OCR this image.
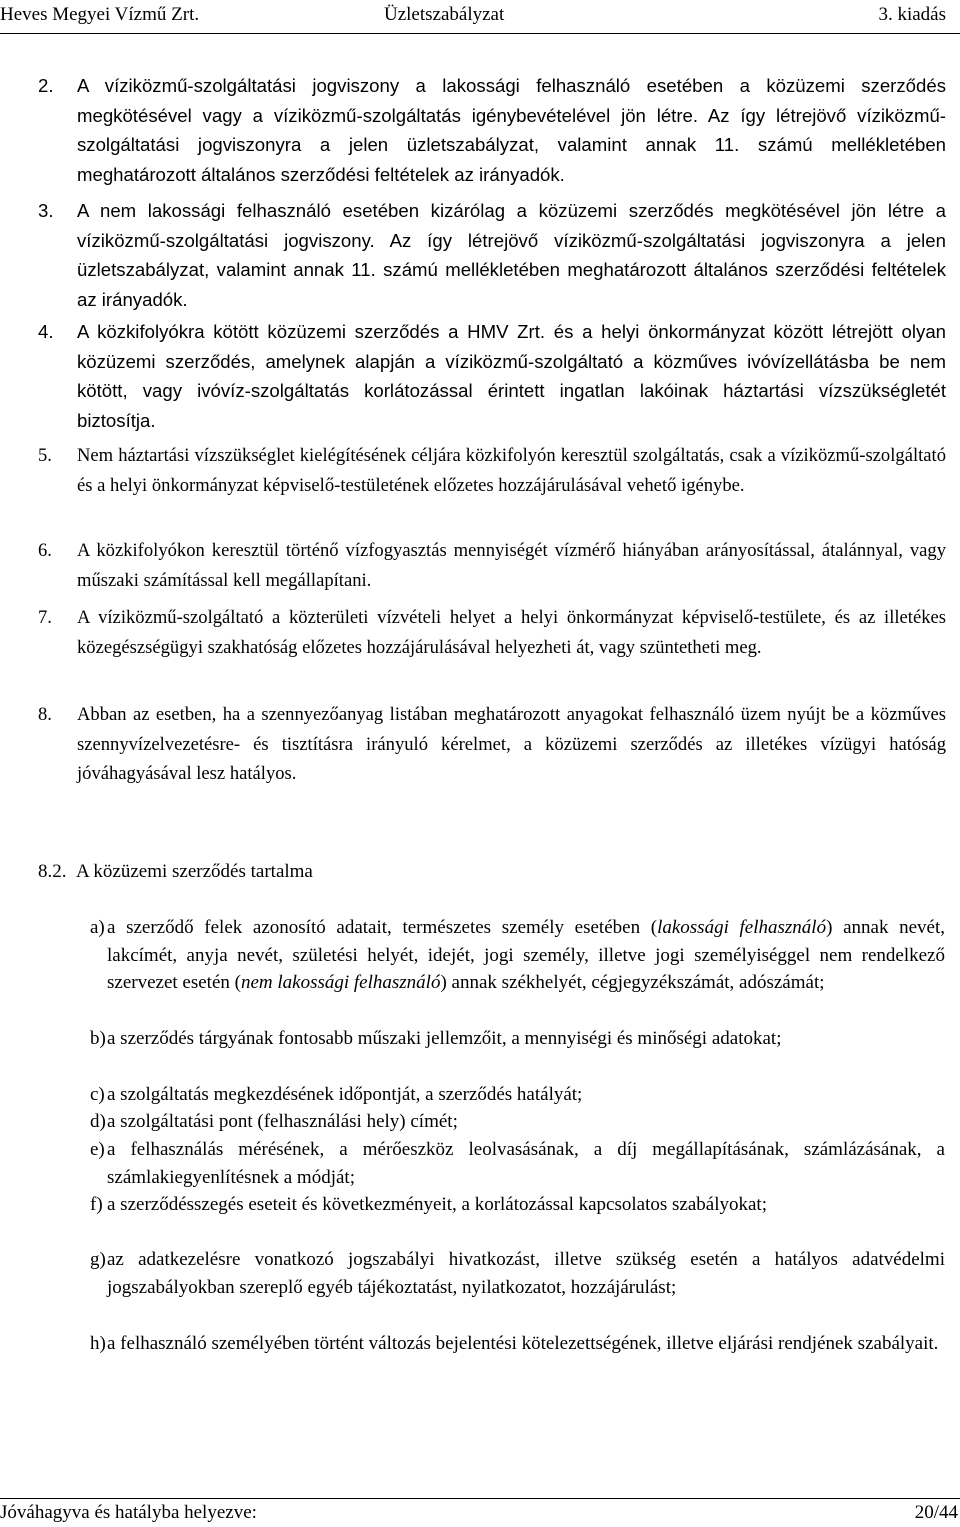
Heves Megyei Vízmű Zrt.	Üzletszabályzat	3. kiadás
2. A víziközmű-szolgáltatási jogviszony a lakossági felhasználó esetében a közüzemi szerződés megkötésével vagy a víziközmű-szolgáltatás igénybevételével jön létre. Az így létrejövő víziközmű-szolgáltatási jogviszonyra a jelen üzletszabályzat, valamint annak 11. számú mellékletében meghatározott általános szerződési feltételek az irányadók.
3. A nem lakossági felhasználó esetében kizárólag a közüzemi szerződés megkötésével jön létre a víziközmű-szolgáltatási jogviszony. Az így létrejövő víziközmű-szolgáltatási jogviszonyra a jelen üzletszabályzat, valamint annak 11. számú mellékletében meghatározott általános szerződési feltételek az irányadók.
4. A közkifolyókra kötött közüzemi szerződés a HMV Zrt. és a helyi önkormányzat között létrejött olyan közüzemi szerződés, amelynek alapján a víziközmű-szolgáltató a közműves ivóvízellátásba be nem kötött, vagy ivóvíz-szolgáltatás korlátozással érintett ingatlan lakóinak háztartási vízszükségletét biztosítja.
5. Nem háztartási vízszükséglet kielégítésének céljára közkifolyón keresztül szolgáltatás, csak a víziközmű-szolgáltató és a helyi önkormányzat képviselő-testületének előzetes hozzájárulásával vehető igénybe.
6. A közkifolyókon keresztül történő vízfogyasztás mennyiségét vízmérő hiányában arányosítással, átalánnyal, vagy műszaki számítással kell megállapítani.
7. A víziközmű-szolgáltató a közterületi vízvételi helyet a helyi önkormányzat képviselő-testülete, és az illetékes közegészségügyi szakhatóság előzetes hozzájárulásával helyezheti át, vagy szüntetheti meg.
8. Abban az esetben, ha a szennyezőanyag listában meghatározott anyagokat felhasználó üzem nyújt be a közműves szennyvízelvezetésre- és tisztításra irányuló kérelmet, a közüzemi szerződés az illetékes vízügyi hatóság jóváhagyásával lesz hatályos.
8.2. A közüzemi szerződés tartalma
a) a szerződő felek azonosító adatait, természetes személy esetében (lakossági felhasználó) annak nevét, lakcímét, anyja nevét, születési helyét, idejét, jogi személy, illetve jogi személyiséggel nem rendelkező szervezet esetén (nem lakossági felhasználó) annak székhelyét, cégjegyzékszámát, adószámát;
b) a szerződés tárgyának fontosabb műszaki jellemzőit, a mennyiségi és minőségi adatokat;
c) a szolgáltatás megkezdésének időpontját, a szerződés hatályát;
d) a szolgáltatási pont (felhasználási hely) címét;
e) a felhasználás mérésének, a mérőeszköz leolvasásának, a díj megállapításának, számlázásának, a számlakiegyenlítésnek a módját;
f) a szerződésszegés eseteit és következményeit, a korlátozással kapcsolatos szabályokat;
g) az adatkezelésre vonatkozó jogszabályi hivatkozást, illetve szükség esetén a hatályos adatvédelmi jogszabályokban szereplő egyéb tájékoztatást, nyilatkozatot, hozzájárulást;
h) a felhasználó személyében történt változás bejelentési kötelezettségének, illetve eljárási rendjének szabályait.
Jóváhagyva és hatályba helyezve:	20/44
